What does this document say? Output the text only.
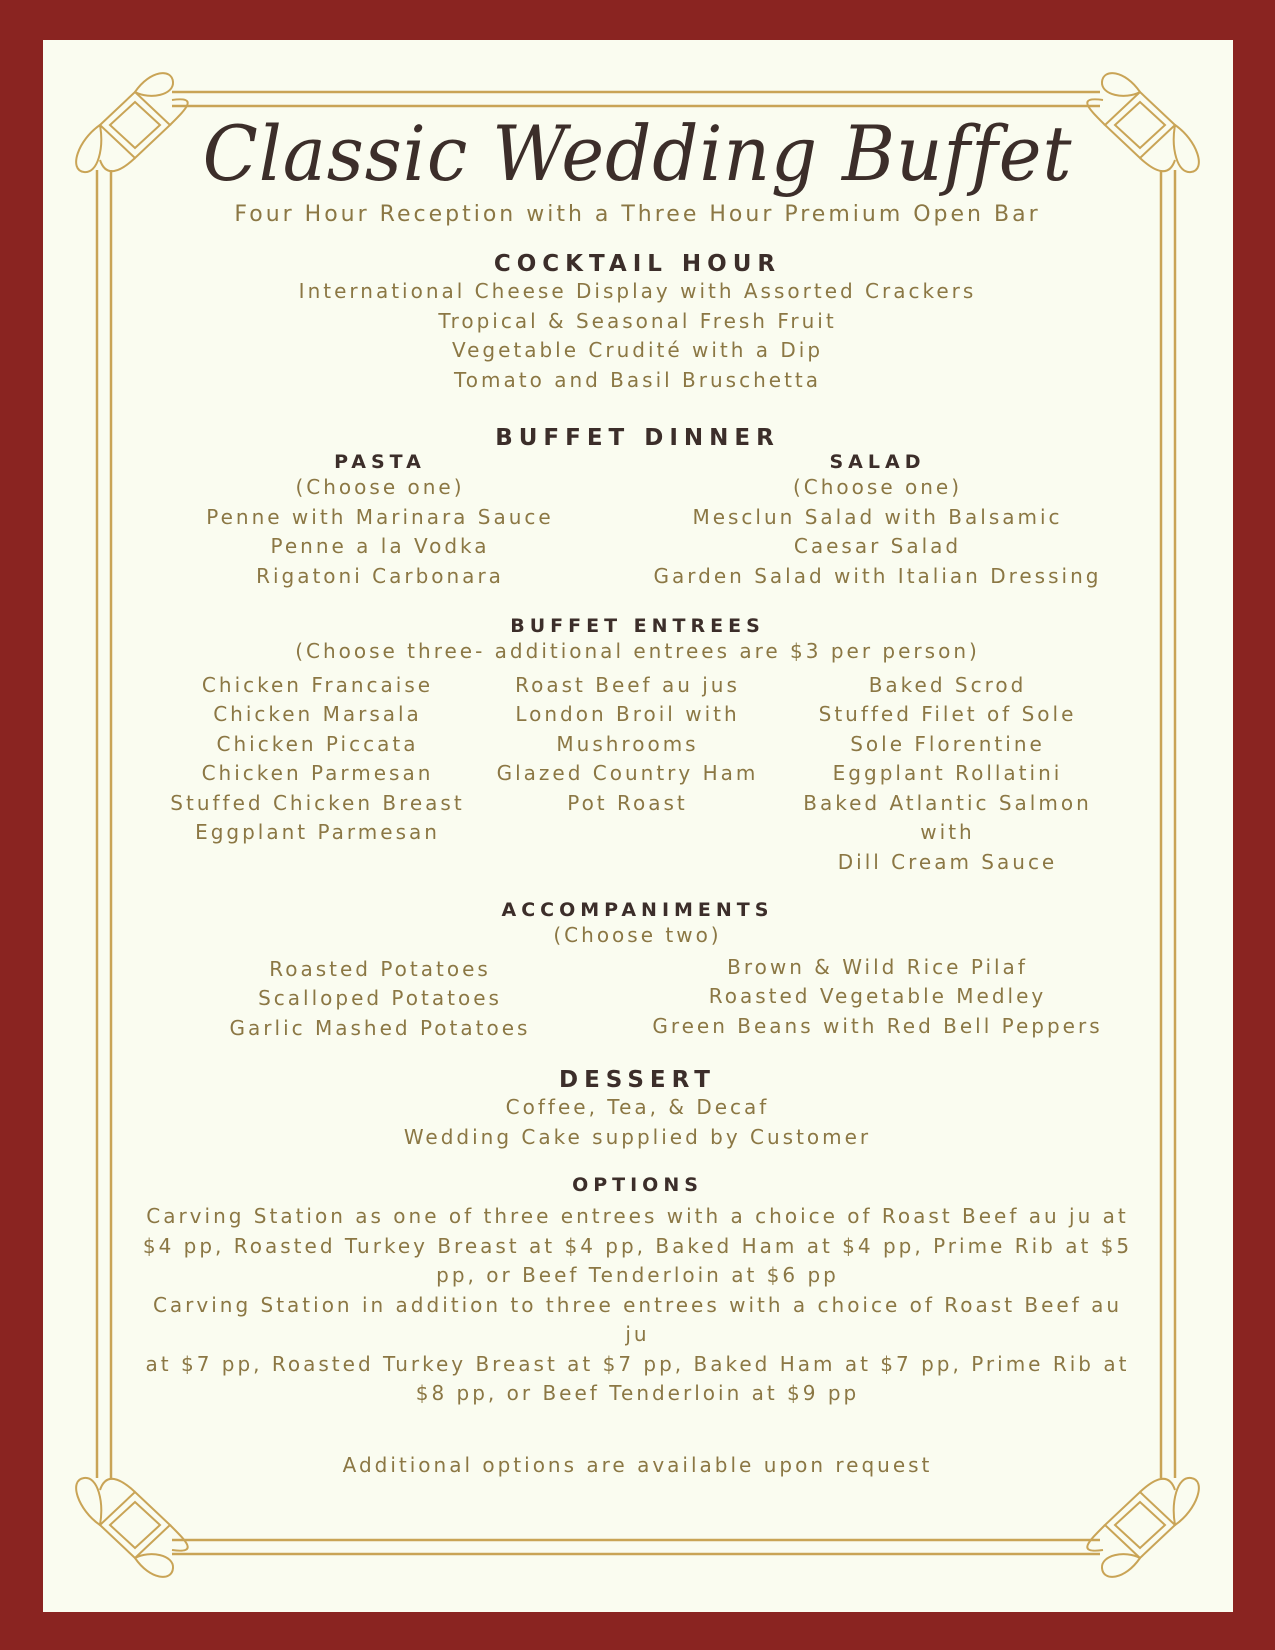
Classic Wedding Buffet
Four Hour Reception with a Three Hour Premium Open Bar
COCKTAIL HOUR
International Cheese Display with Assorted Crackers
Tropical & Seasonal Fresh Fruit
Vegetable Crudité with a Dip
Tomato and Basil Bruschetta
BUFFET DINNER
PASTA
(Choose one)
Penne with Marinara Sauce
Penne a la Vodka
Rigatoni Carbonara
SALAD
(Choose one)
Mesclun Salad with Balsamic
Caesar Salad
Garden Salad with Italian Dressing
BUFFET ENTREES
(Choose three- additional entrees are $3 per person)
Chicken Francaise
Chicken Marsala
Chicken Piccata
Chicken Parmesan
Stuffed Chicken Breast
Eggplant Parmesan
Roast Beef au jus
London Broil with
Mushrooms
Glazed Country Ham
Pot Roast
Baked Scrod
Stuffed Filet of Sole
Sole Florentine
Eggplant Rollatini
Baked Atlantic Salmon with
Dill Cream Sauce
ACCOMPANIMENTS
(Choose two)
Roasted Potatoes
Scalloped Potatoes
Garlic Mashed Potatoes
Brown & Wild Rice Pilaf
Roasted Vegetable Medley
Green Beans with Red Bell Peppers
DESSERT
Coffee, Tea, & Decaf
Wedding Cake supplied by Customer
OPTIONS
Carving Station as one of three entrees with a choice of Roast Beef au ju at
$4 pp, Roasted Turkey Breast at $4 pp, Baked Ham at $4 pp, Prime Rib at $5
pp, or Beef Tenderloin at $6 pp
Carving Station in addition to three entrees with a choice of Roast Beef au ju
at $7 pp, Roasted Turkey Breast at $7 pp, Baked Ham at $7 pp, Prime Rib at
$8 pp, or Beef Tenderloin at $9 pp
Additional options are available upon request
